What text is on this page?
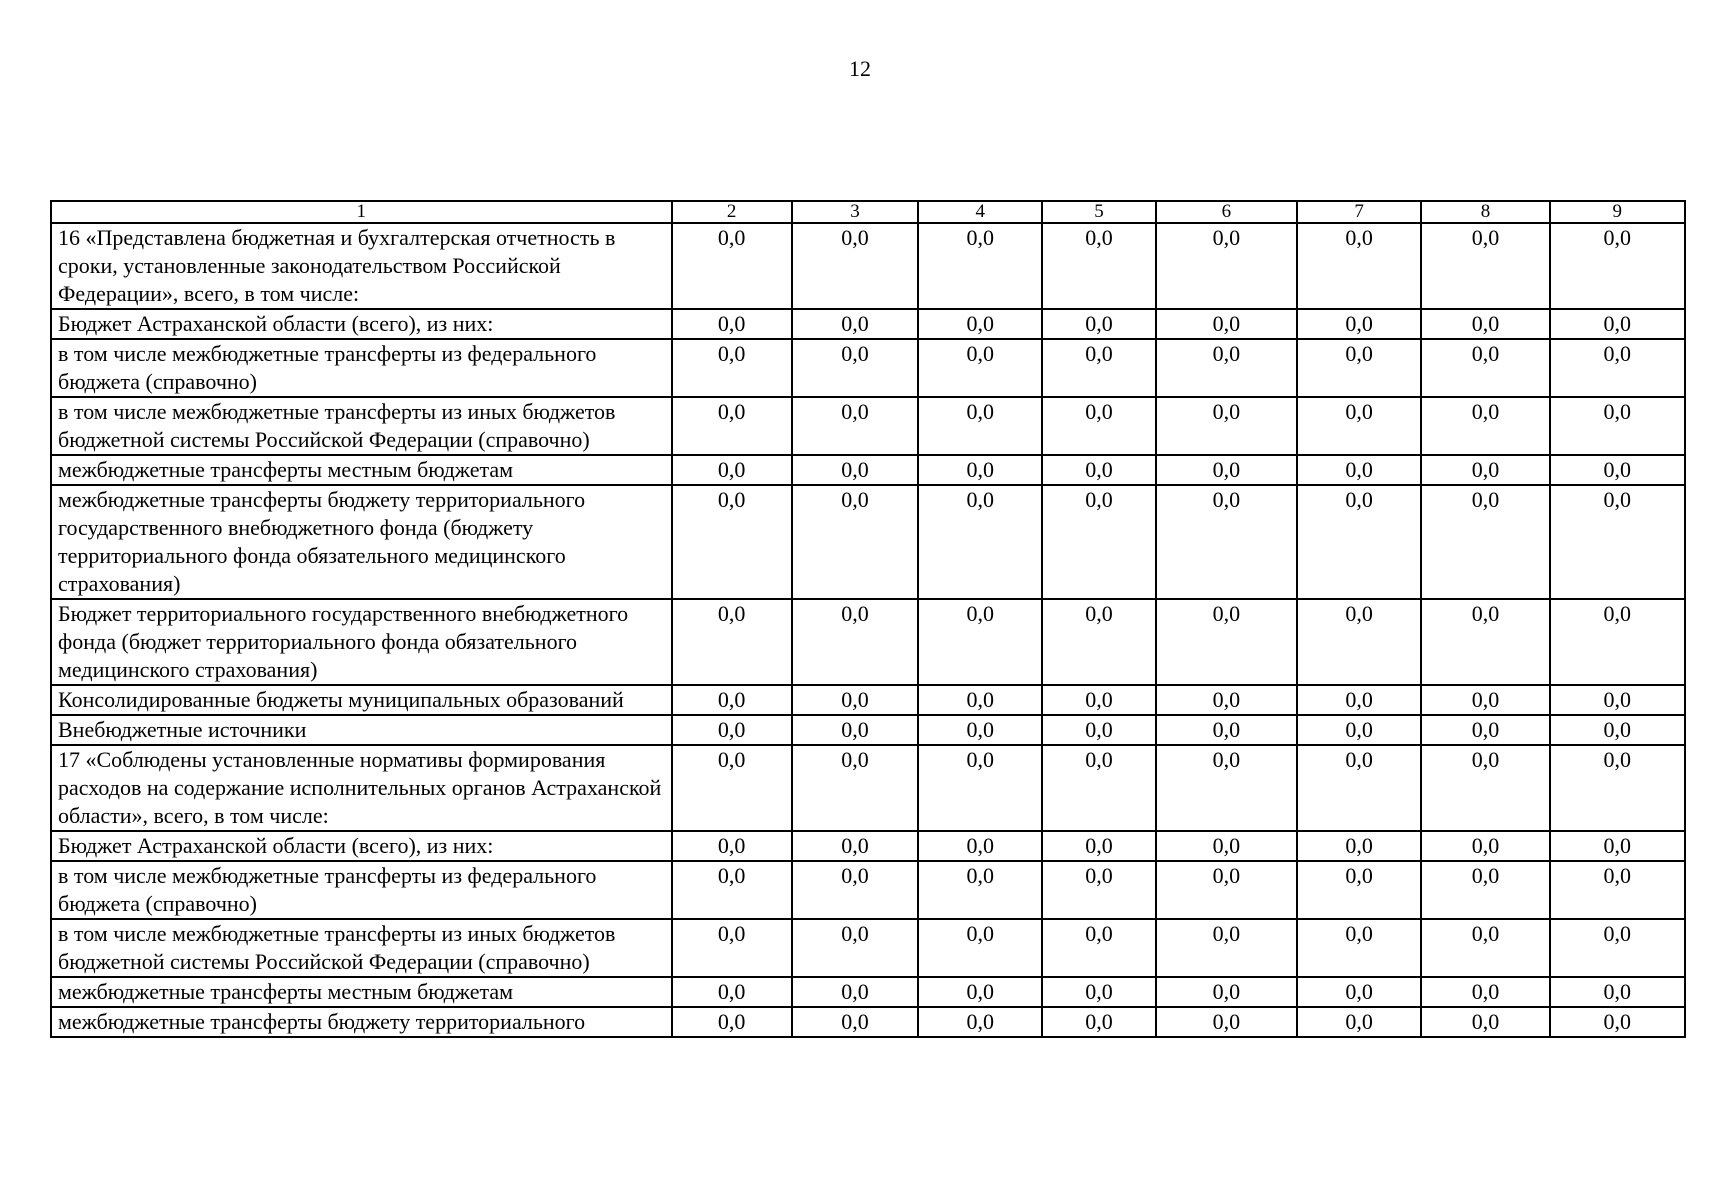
12
1	2	3	4	5	6	7	8	9
16 «Представлена бюджетная и бухгалтерская отчетность в сроки, установленные законодательством Российской Федерации», всего, в том числе:	0,0	0,0	0,0	0,0	0,0	0,0	0,0	0,0
Бюджет Астраханской области (всего), из них:	0,0	0,0	0,0	0,0	0,0	0,0	0,0	0,0
в том числе межбюджетные трансферты из федерального бюджета (справочно)	0,0	0,0	0,0	0,0	0,0	0,0	0,0	0,0
в том числе межбюджетные трансферты из иных бюджетов бюджетной системы Российской Федерации (справочно)	0,0	0,0	0,0	0,0	0,0	0,0	0,0	0,0
межбюджетные трансферты местным бюджетам	0,0	0,0	0,0	0,0	0,0	0,0	0,0	0,0
межбюджетные трансферты бюджету территориального государственного внебюджетного фонда (бюджету территориального фонда обязательного медицинского страхования)	0,0	0,0	0,0	0,0	0,0	0,0	0,0	0,0
Бюджет территориального государственного внебюджетного фонда (бюджет территориального фонда обязательного медицинского страхования)	0,0	0,0	0,0	0,0	0,0	0,0	0,0	0,0
Консолидированные бюджеты муниципальных образований	0,0	0,0	0,0	0,0	0,0	0,0	0,0	0,0
Внебюджетные источники	0,0	0,0	0,0	0,0	0,0	0,0	0,0	0,0
17 «Соблюдены установленные нормативы формирования расходов на содержание исполнительных органов Астраханской области», всего, в том числе:	0,0	0,0	0,0	0,0	0,0	0,0	0,0	0,0
Бюджет Астраханской области (всего), из них:	0,0	0,0	0,0	0,0	0,0	0,0	0,0	0,0
в том числе межбюджетные трансферты из федерального бюджета (справочно)	0,0	0,0	0,0	0,0	0,0	0,0	0,0	0,0
в том числе межбюджетные трансферты из иных бюджетов бюджетной системы Российской Федерации (справочно)	0,0	0,0	0,0	0,0	0,0	0,0	0,0	0,0
межбюджетные трансферты местным бюджетам	0,0	0,0	0,0	0,0	0,0	0,0	0,0	0,0
межбюджетные трансферты бюджету территориального	0,0	0,0	0,0	0,0	0,0	0,0	0,0	0,0
